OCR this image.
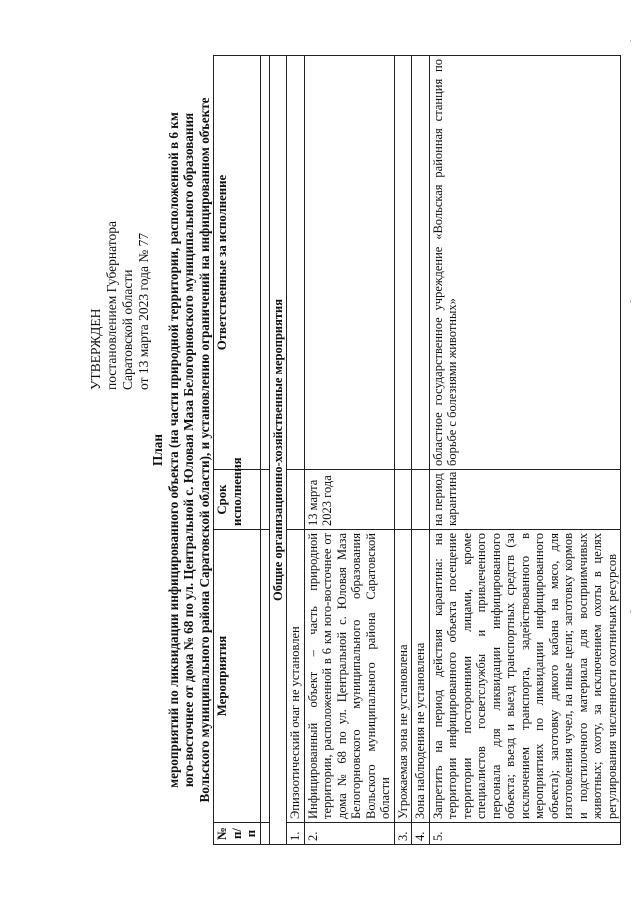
УТВЕРЖДЕН постановлением Губернатора Саратовской области от 13 марта 2023 года № 77
План мероприятий по ликвидации инфицированного объекта (на части природной территории, расположенной в 6 км юго-восточнее от дома № 68 по ул. Центральной с. Юловая Маза Белогорновского муниципального образования Вольского муниципального района Саратовской области), и установлению ограничений на инфицированном объекте
№ п/п	Мероприятия	Срок исполнения	Ответственные за исполнение

Общие организационно-хозяйственные мероприятия			
1.	Эпизоотический очаг не установлен		
2.	Инфицированный объект – часть природной территории, расположенной в 6 км юго-восточнее от дома № 68 по ул. Центральной с. Юловая Маза Белогорновского муниципального образования Вольского муниципального района Саратовской области	13 марта 2023 года	
3.	Угрожаемая зона не установлена		
4.	Зона наблюдения не установлена		
5.	Запретить на период действия карантина: на территории инфицированного объекта посещение территории посторонними лицами, кроме специалистов госветслужбы и привлеченного персонала для ликвидации инфицированного объекта; въезд и выезд транспортных средств (за исключением транспорта, задействованного в мероприятиях по ликвидации инфицированного объекта); заготовку дикого кабана на мясо, для изготовления чучел, на иные цели; заготовку кормов и подстилочного материала для восприимчивых животных; охоту, за исключением охоты в целях регулирования численности охотничьих ресурсов	на период карантина	областное государственное учреждение «Вольская районная станция по борьбе с болезнями животных»
